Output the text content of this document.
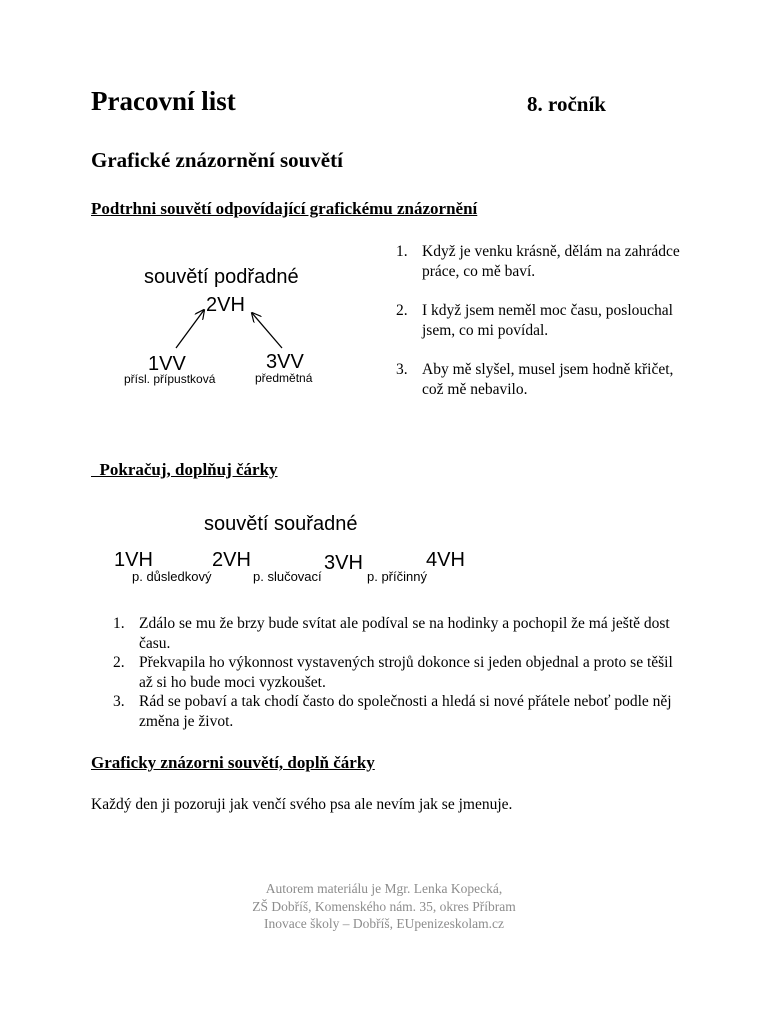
Pracovní list	8. ročník
Grafické znázornění souvětí
Podtrhni souvětí odpovídající grafickému znázornění
souvětí podřadné
2VH
1VV
přísl. přípustková
3VV
předmětná
1. Když je venku krásně, dělám na zahrádce práce, co mě baví.
2. I když jsem neměl moc času, poslouchal jsem, co mi povídal.
3. Aby mě slyšel, musel jsem hodně křičet, což mě nebavilo.
Pokračuj, doplňuj čárky
souvětí souřadné
1VH
p. důsledkový
2VH
p. slučovací
3VH
p. příčinný
4VH
1. Zdálo se mu že brzy bude svítat ale podíval se na hodinky a pochopil že má ještě dost času.
2. Překvapila ho výkonnost vystavených strojů dokonce si jeden objednal a proto se těšil až si ho bude moci vyzkoušet.
3. Rád se pobaví a tak chodí často do společnosti a hledá si nové přátele neboť podle něj změna je život.
Graficky znázorni souvětí, doplň čárky
Každý den ji pozoruji jak venčí svého psa ale nevím jak se jmenuje.
Autorem materiálu je Mgr. Lenka Kopecká,
ZŠ Dobříš, Komenského nám. 35, okres Příbram
Inovace školy – Dobříš, EUpenizeskolam.cz
